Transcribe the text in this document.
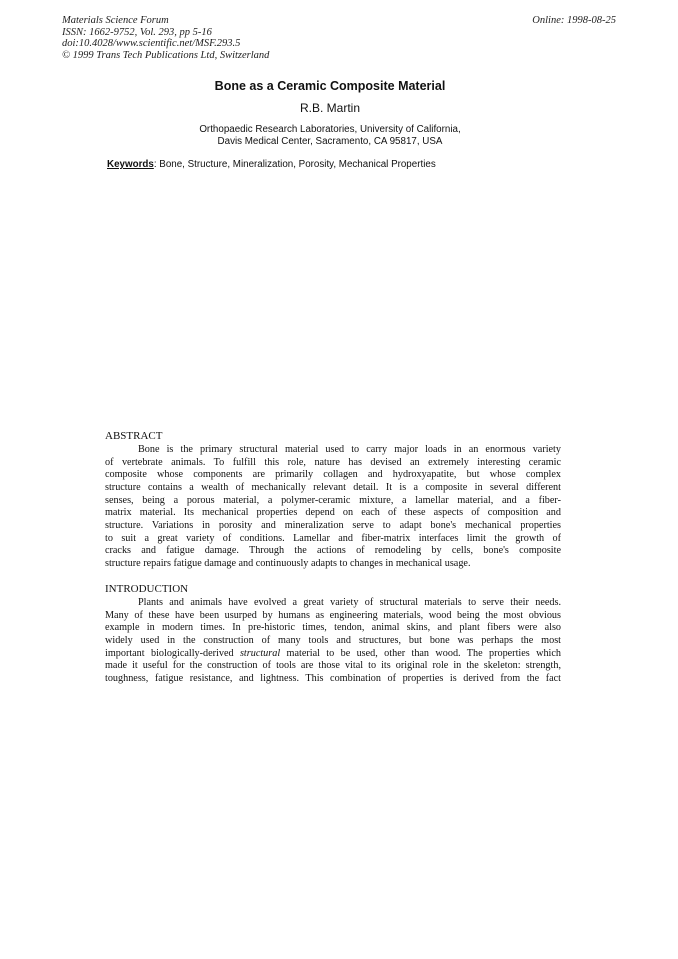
Materials Science Forum
ISSN: 1662-9752, Vol. 293, pp 5-16
doi:10.4028/www.scientific.net/MSF.293.5
© 1999 Trans Tech Publications Ltd, Switzerland
Online: 1998-08-25
Bone as a Ceramic Composite Material
R.B. Martin
Orthopaedic Research Laboratories, University of California,
Davis Medical Center, Sacramento, CA 95817, USA
Keywords: Bone, Structure, Mineralization, Porosity, Mechanical Properties
ABSTRACT
Bone is the primary structural material used to carry major loads in an enormous variety
of vertebrate animals. To fulfill this role, nature has devised an extremely interesting ceramic
composite whose components are primarily collagen and hydroxyapatite, but whose complex
structure contains a wealth of mechanically relevant detail. It is a composite in several different
senses, being a porous material, a polymer-ceramic mixture, a lamellar material, and a fiber-
matrix material. Its mechanical properties depend on each of these aspects of composition and
structure. Variations in porosity and mineralization serve to adapt bone's mechanical properties
to suit a great variety of conditions. Lamellar and fiber-matrix interfaces limit the growth of
cracks and fatigue damage. Through the actions of remodeling by cells, bone's composite
structure repairs fatigue damage and continuously adapts to changes in mechanical usage.
INTRODUCTION
Plants and animals have evolved a great variety of structural materials to serve their needs.
Many of these have been usurped by humans as engineering materials, wood being the most obvious
example in modern times. In pre-historic times, tendon, animal skins, and plant fibers were also
widely used in the construction of many tools and structures, but bone was perhaps the most
important biologically-derived structural material to be used, other than wood. The properties which
made it useful for the construction of tools are those vital to its original role in the skeleton: strength,
toughness, fatigue resistance, and lightness. This combination of properties is derived from the fact
